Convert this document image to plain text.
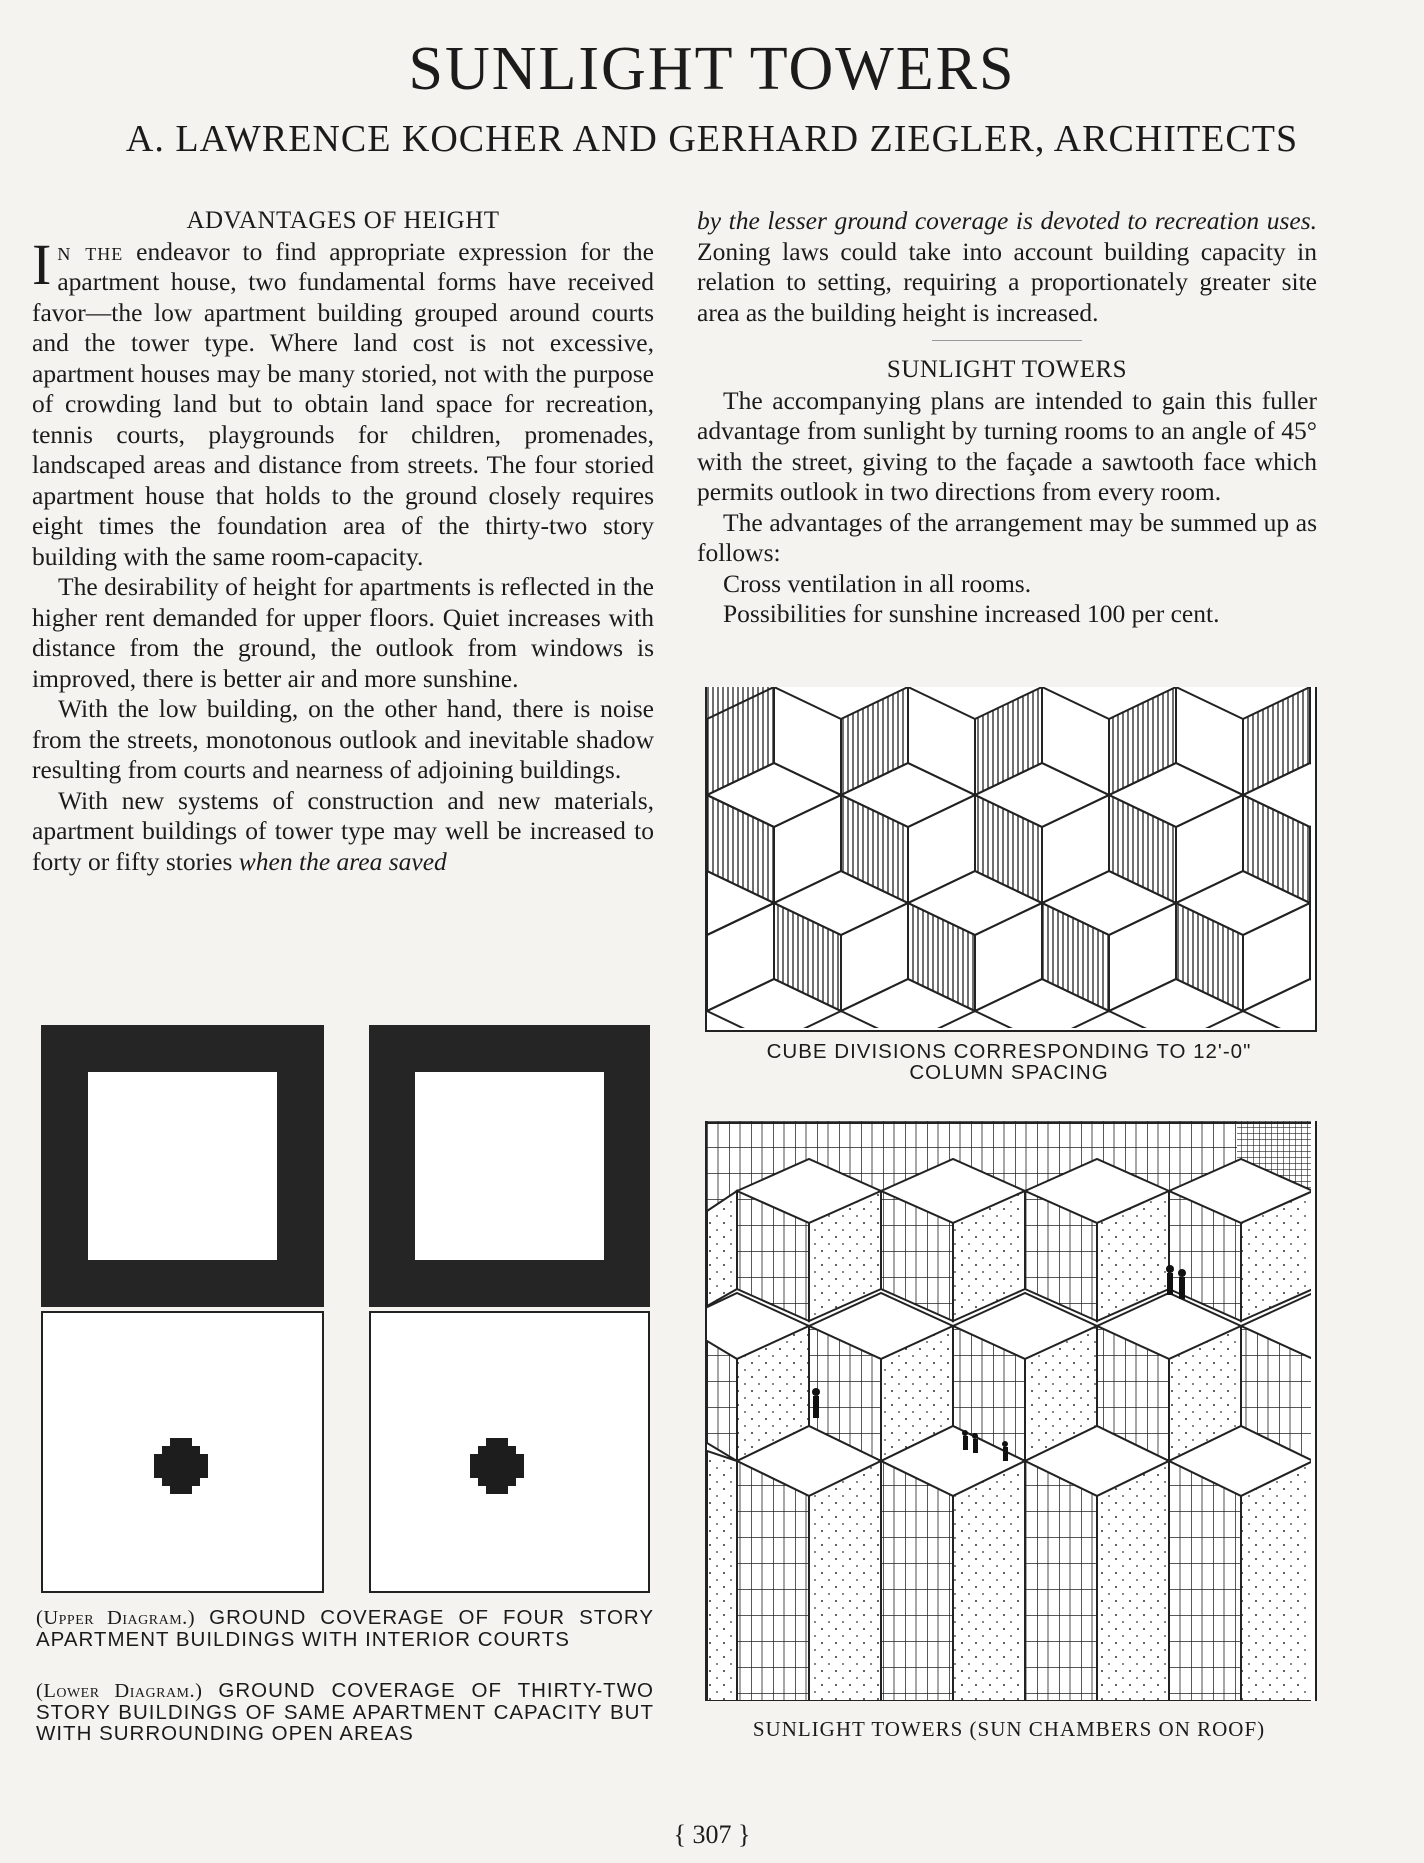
SUNLIGHT TOWERS
A. LAWRENCE KOCHER AND GERHARD ZIEGLER, ARCHITECTS
ADVANTAGES OF HEIGHT

In the endeavor to find appropriate expression for the apartment house, two fundamental forms have received favor—the low apartment building grouped around courts and the tower type. Where land cost is not excessive, apartment houses may be many storied, not with the purpose of crowding land but to obtain land space for recreation, tennis courts, playgrounds for children, promenades, landscaped areas and distance from streets. The four storied apartment house that holds to the ground closely requires eight times the foundation area of the thirty-two story building with the same room-capacity.

The desirability of height for apartments is reflected in the higher rent demanded for upper floors. Quiet increases with distance from the ground, the outlook from windows is improved, there is better air and more sunshine.

With the low building, on the other hand, there is noise from the streets, monotonous outlook and inevitable shadow resulting from courts and nearness of adjoining buildings.

With new systems of construction and new materials, apartment buildings of tower type may well be increased to forty or fifty stories when the area saved

by the lesser ground coverage is devoted to recreation uses. Zoning laws could take into account building capacity in relation to setting, requiring a proportionately greater site area as the building height is increased.

SUNLIGHT TOWERS

The accompanying plans are intended to gain this fuller advantage from sunlight by turning rooms to an angle of 45° with the street, giving to the façade a sawtooth face which permits outlook in two directions from every room.

The advantages of the arrangement may be summed up as follows:

Cross ventilation in all rooms.

Possibilities for sunshine increased 100 per cent.

(Upper Diagram.) GROUND COVERAGE OF FOUR STORY APARTMENT BUILDINGS WITH INTERIOR COURTS
(Lower Diagram.) GROUND COVERAGE OF THIRTY-TWO STORY BUILDINGS OF SAME APARTMENT CAPACITY BUT WITH SURROUNDING OPEN AREAS
CUBE DIVISIONS CORRESPONDING TO 12'-0"
COLUMN SPACING
SUNLIGHT TOWERS (SUN CHAMBERS ON ROOF)
{ 307 }
